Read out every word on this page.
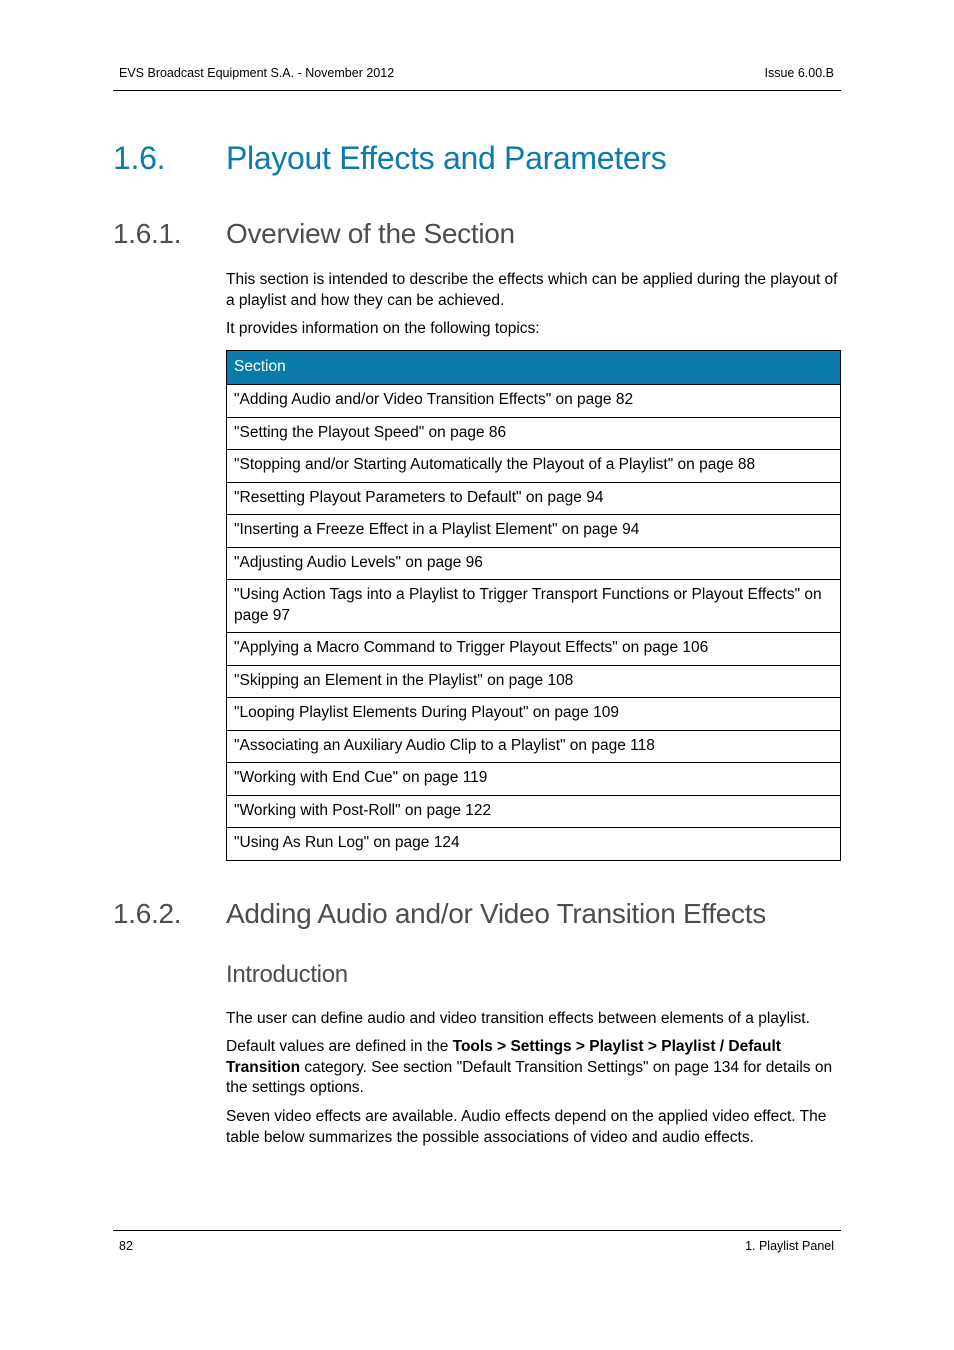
EVS Broadcast Equipment S.A. - November 2012	Issue 6.00.B
1.6. Playout Effects and Parameters
1.6.1. Overview of the Section

This section is intended to describe the effects which can be applied during the playout of a playlist and how they can be achieved.

It provides information on the following topics:

Section
"Adding Audio and/or Video Transition Effects" on page 82
"Setting the Playout Speed" on page 86
"Stopping and/or Starting Automatically the Playout of a Playlist" on page 88
"Resetting Playout Parameters to Default" on page 94
"Inserting a Freeze Effect in a Playlist Element" on page 94
"Adjusting Audio Levels" on page 96
"Using Action Tags into a Playlist to Trigger Transport Functions or Playout Effects" on page 97
"Applying a Macro Command to Trigger Playout Effects" on page 106
"Skipping an Element in the Playlist" on page 108
"Looping Playlist Elements During Playout" on page 109
"Associating an Auxiliary Audio Clip to a Playlist" on page 118
"Working with End Cue" on page 119
"Working with Post-Roll" on page 122
"Using As Run Log" on page 124
1.6.2. Adding Audio and/or Video Transition Effects
Introduction

The user can define audio and video transition effects between elements of a playlist.

Default values are defined in the Tools > Settings > Playlist > Playlist / Default Transition category. See section "Default Transition Settings" on page 134 for details on the settings options.

Seven video effects are available. Audio effects depend on the applied video effect. The table below summarizes the possible associations of video and audio effects.

82	1. Playlist Panel
